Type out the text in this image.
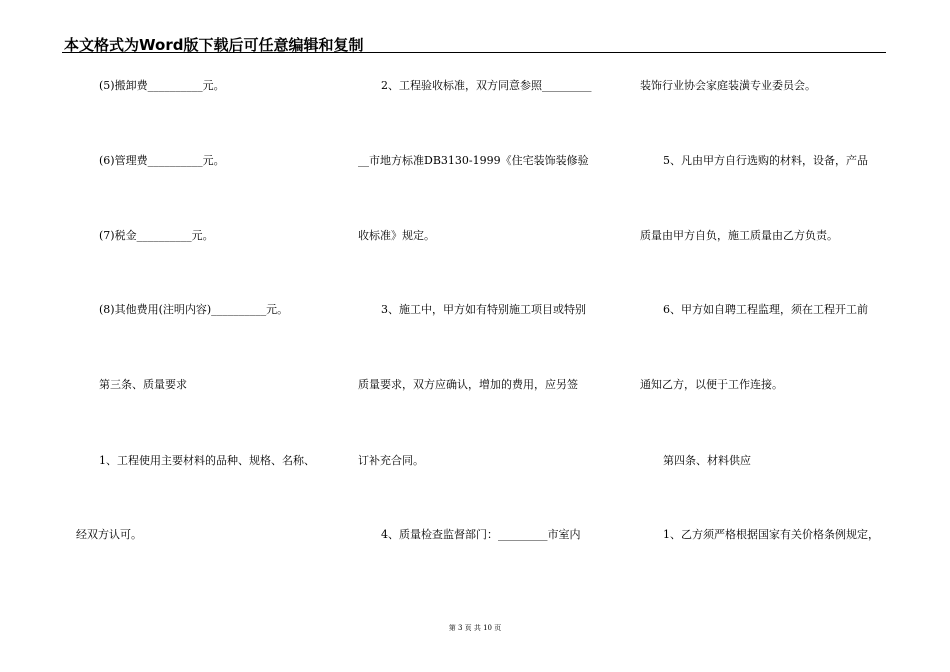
本文格式为Word版下载后可任意编辑和复制
(5)搬卸费__________元。
(6)管理费__________元。
(7)税金__________元。
(8)其他费用(注明内容)__________元。
第三条、质量要求
1、工程使用主要材料的品种、规格、名称、
经双方认可。
2、工程验收标准，双方同意参照_________
__市地方标准DB3130-1999《住宅装饰装修验
收标准》规定。
3、施工中，甲方如有特别施工项目或特别
质量要求，双方应确认，增加的费用，应另签
订补充合同。
4、质量检查监督部门：_________市室内
装饰行业协会家庭装潢专业委员会。
5、凡由甲方自行选购的材料，设备，产品
质量由甲方自负，施工质量由乙方负责。
6、甲方如自聘工程监理，须在工程开工前
通知乙方，以便于工作连接。
第四条、材料供应
1、乙方须严格根据国家有关价格条例规定，
第 3 页 共 10 页
